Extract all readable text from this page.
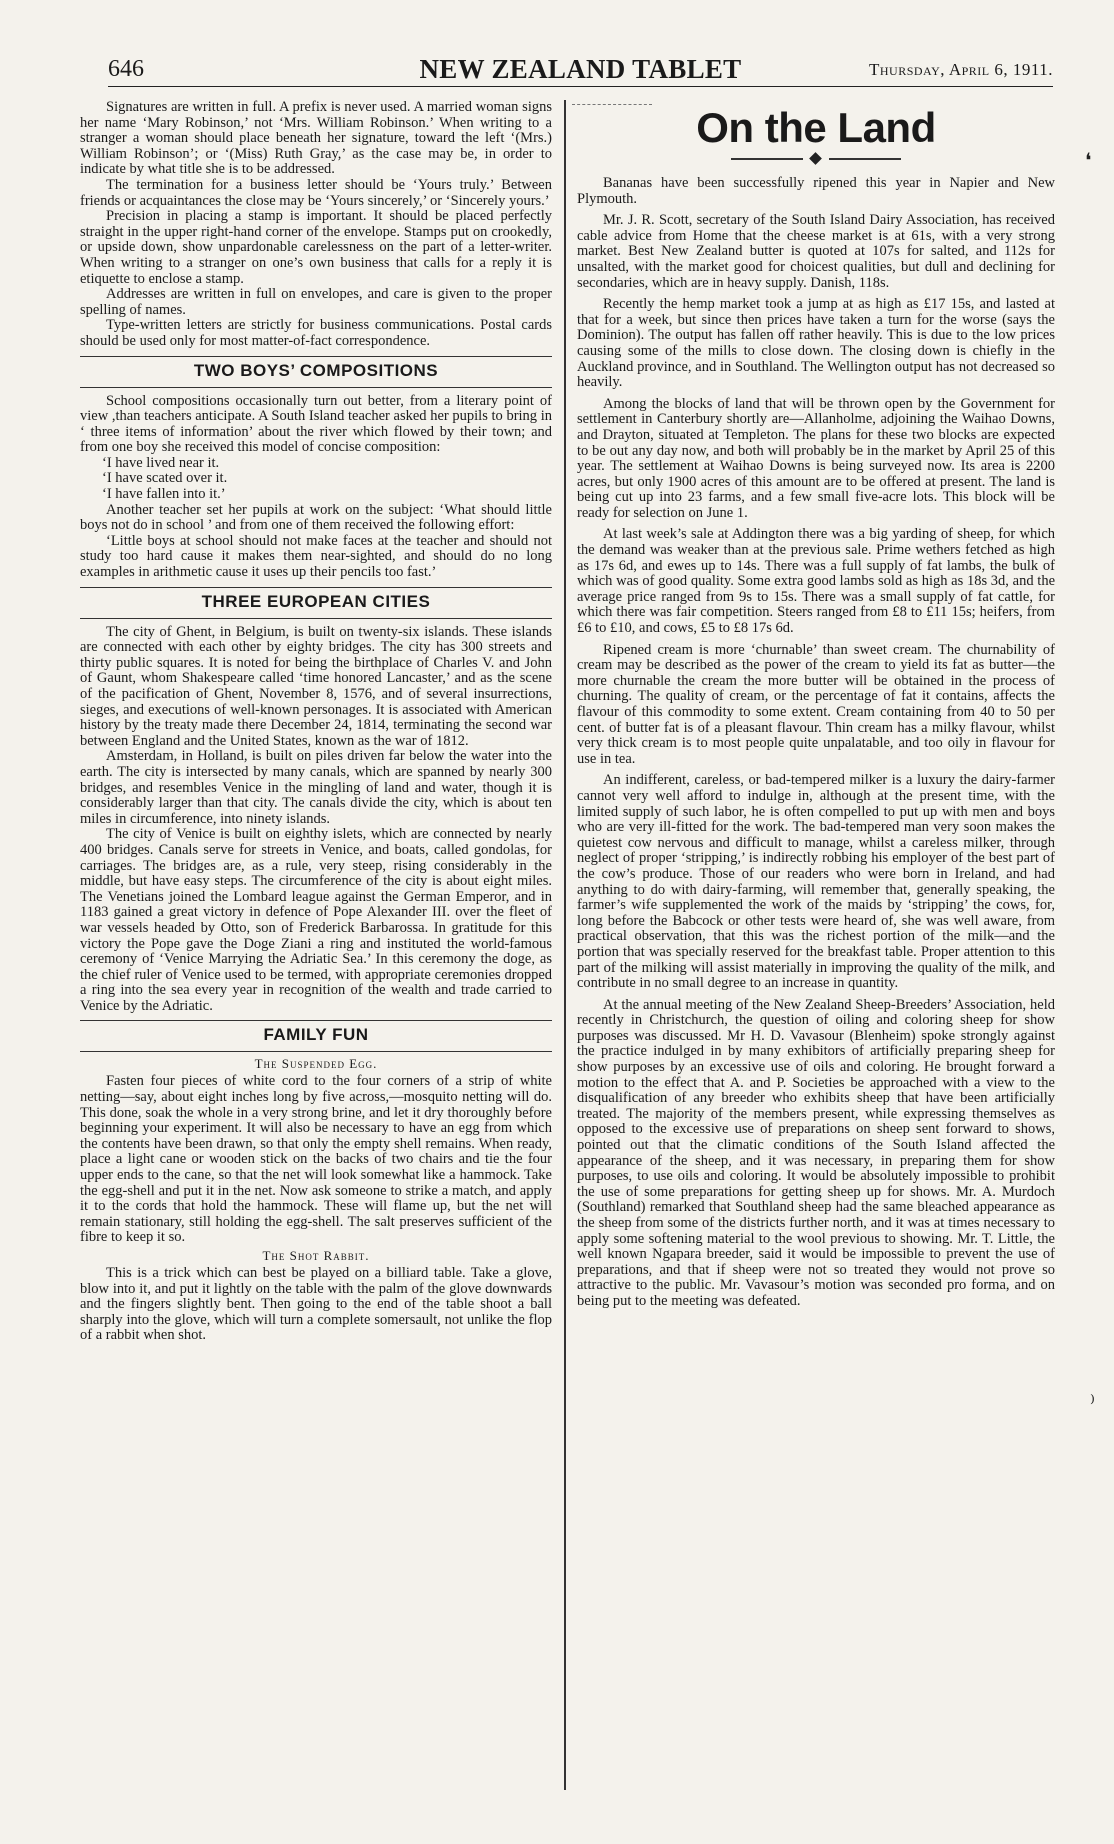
646	NEW ZEALAND TABLET	Thursday, April 6, 1911.

Signatures are written in full. A prefix is never used. A married woman signs her name ‘Mary Robinson,’ not ‘Mrs. William Robinson.’ When writing to a stranger a woman should place beneath her signature, toward the left ‘(Mrs.) William Robinson’; or ‘(Miss) Ruth Gray,’ as the case may be, in order to indicate by what title she is to be addressed.

The termination for a business letter should be ‘Yours truly.’ Between friends or acquaintances the close may be ‘Yours sincerely,’ or ‘Sincerely yours.’

Precision in placing a stamp is important. It should be placed perfectly straight in the upper right-hand corner of the envelope. Stamps put on crookedly, or upside down, show unpardonable carelessness on the part of a letter-writer. When writing to a stranger on one’s own business that calls for a reply it is etiquette to enclose a stamp.

Addresses are written in full on envelopes, and care is given to the proper spelling of names.

Type-written letters are strictly for business communications. Postal cards should be used only for most matter-of-fact correspondence.

TWO BOYS’ COMPOSITIONS

School compositions occasionally turn out better, from a literary point of view ,than teachers anticipate. A South Island teacher asked her pupils to bring in ‘ three items of information’ about the river which flowed by their town; and from one boy she received this model of concise composition:

‘I have lived near it.

‘I have scated over it.

‘I have fallen into it.’

Another teacher set her pupils at work on the subject: ‘What should little boys not do in school ’ and from one of them received the following effort:

‘Little boys at school should not make faces at the teacher and should not study too hard cause it makes them near-sighted, and should do no long examples in arithmetic cause it uses up their pencils too fast.’

THREE EUROPEAN CITIES

The city of Ghent, in Belgium, is built on twenty-six islands. These islands are connected with each other by eighty bridges. The city has 300 streets and thirty public squares. It is noted for being the birthplace of Charles V. and John of Gaunt, whom Shakespeare called ‘time honored Lancaster,’ and as the scene of the pacification of Ghent, November 8, 1576, and of several insurrections, sieges, and executions of well-known personages. It is associated with American history by the treaty made there December 24, 1814, terminating the second war between England and the United States, known as the war of 1812.

Amsterdam, in Holland, is built on piles driven far below the water into the earth. The city is intersected by many canals, which are spanned by nearly 300 bridges, and resembles Venice in the mingling of land and water, though it is considerably larger than that city. The canals divide the city, which is about ten miles in circumference, into ninety islands.

The city of Venice is built on eighthy islets, which are connected by nearly 400 bridges. Canals serve for streets in Venice, and boats, called gondolas, for carriages. The bridges are, as a rule, very steep, rising considerably in the middle, but have easy steps. The circumference of the city is about eight miles. The Venetians joined the Lombard league against the German Emperor, and in 1183 gained a great victory in defence of Pope Alexander III. over the fleet of war vessels headed by Otto, son of Frederick Barbarossa. In gratitude for this victory the Pope gave the Doge Ziani a ring and instituted the world-famous ceremony of ‘Venice Marrying the Adriatic Sea.’ In this ceremony the doge, as the chief ruler of Venice used to be termed, with appropriate ceremonies dropped a ring into the sea every year in recognition of the wealth and trade carried to Venice by the Adriatic.

FAMILY FUN
The Suspended Egg.

Fasten four pieces of white cord to the four corners of a strip of white netting—say, about eight inches long by five across,—mosquito netting will do. This done, soak the whole in a very strong brine, and let it dry thoroughly before beginning your experiment. It will also be necessary to have an egg from which the contents have been drawn, so that only the empty shell remains. When ready, place a light cane or wooden stick on the backs of two chairs and tie the four upper ends to the cane, so that the net will look somewhat like a hammock. Take the egg-shell and put it in the net. Now ask someone to strike a match, and apply it to the cords that hold the hammock. These will flame up, but the net will remain stationary, still holding the egg-shell. The salt preserves sufficient of the fibre to keep it so.

The Shot Rabbit.

This is a trick which can best be played on a billiard table. Take a glove, blow into it, and put it lightly on the table with the palm of the glove downwards and the fingers slightly bent. Then going to the end of the table shoot a ball sharply into the glove, which will turn a complete somersault, not unlike the flop of a rabbit when shot.

On the Land

Bananas have been successfully ripened this year in Napier and New Plymouth.

Mr. J. R. Scott, secretary of the South Island Dairy Association, has received cable advice from Home that the cheese market is at 61s, with a very strong market. Best New Zealand butter is quoted at 107s for salted, and 112s for unsalted, with the market good for choicest qualities, but dull and declining for secondaries, which are in heavy supply. Danish, 118s.

Recently the hemp market took a jump at as high as £17 15s, and lasted at that for a week, but since then prices have taken a turn for the worse (says the Dominion). The output has fallen off rather heavily. This is due to the low prices causing some of the mills to close down. The closing down is chiefly in the Auckland province, and in Southland. The Wellington output has not decreased so heavily.

Among the blocks of land that will be thrown open by the Government for settlement in Canterbury shortly are—Allanholme, adjoining the Waihao Downs, and Drayton, situated at Templeton. The plans for these two blocks are expected to be out any day now, and both will probably be in the market by April 25 of this year. The settlement at Waihao Downs is being surveyed now. Its area is 2200 acres, but only 1900 acres of this amount are to be offered at present. The land is being cut up into 23 farms, and a few small five-acre lots. This block will be ready for selection on June 1.

At last week’s sale at Addington there was a big yarding of sheep, for which the demand was weaker than at the previous sale. Prime wethers fetched as high as 17s 6d, and ewes up to 14s. There was a full supply of fat lambs, the bulk of which was of good quality. Some extra good lambs sold as high as 18s 3d, and the average price ranged from 9s to 15s. There was a small supply of fat cattle, for which there was fair competition. Steers ranged from £8 to £11 15s; heifers, from £6 to £10, and cows, £5 to £8 17s 6d.

Ripened cream is more ‘churnable’ than sweet cream. The churnability of cream may be described as the power of the cream to yield its fat as butter—the more churnable the cream the more butter will be obtained in the process of churning. The quality of cream, or the percentage of fat it contains, affects the flavour of this commodity to some extent. Cream containing from 40 to 50 per cent. of butter fat is of a pleasant flavour. Thin cream has a milky flavour, whilst very thick cream is to most people quite unpalatable, and too oily in flavour for use in tea.

An indifferent, careless, or bad-tempered milker is a luxury the dairy-farmer cannot very well afford to indulge in, although at the present time, with the limited supply of such labor, he is often compelled to put up with men and boys who are very ill-fitted for the work. The bad-tempered man very soon makes the quietest cow nervous and difficult to manage, whilst a careless milker, through neglect of proper ‘stripping,’ is indirectly robbing his employer of the best part of the cow’s produce. Those of our readers who were born in Ireland, and had anything to do with dairy-farming, will remember that, generally speaking, the farmer’s wife supplemented the work of the maids by ‘stripping’ the cows, for, long before the Babcock or other tests were heard of, she was well aware, from practical observation, that this was the richest portion of the milk—and the portion that was specially reserved for the breakfast table. Proper attention to this part of the milking will assist materially in improving the quality of the milk, and contribute in no small degree to an increase in quantity.

At the annual meeting of the New Zealand Sheep-Breeders’ Association, held recently in Christchurch, the question of oiling and coloring sheep for show purposes was discussed. Mr H. D. Vavasour (Blenheim) spoke strongly against the practice indulged in by many exhibitors of artificially preparing sheep for show purposes by an excessive use of oils and coloring. He brought forward a motion to the effect that A. and P. Societies be approached with a view to the disqualification of any breeder who exhibits sheep that have been artificially treated. The majority of the members present, while expressing themselves as opposed to the excessive use of preparations on sheep sent forward to shows, pointed out that the climatic conditions of the South Island affected the appearance of the sheep, and it was necessary, in preparing them for show purposes, to use oils and coloring. It would be absolutely impossible to prohibit the use of some preparations for getting sheep up for shows. Mr. A. Murdoch (Southland) remarked that Southland sheep had the same bleached appearance as the sheep from some of the districts further north, and it was at times necessary to apply some softening material to the wool previous to showing. Mr. T. Little, the well known Ngapara breeder, said it would be impossible to prevent the use of preparations, and that if sheep were not so treated they would not prove so attractive to the public. Mr. Vavasour’s motion was seconded pro forma, and on being put to the meeting was defeated.

❛
⁾
